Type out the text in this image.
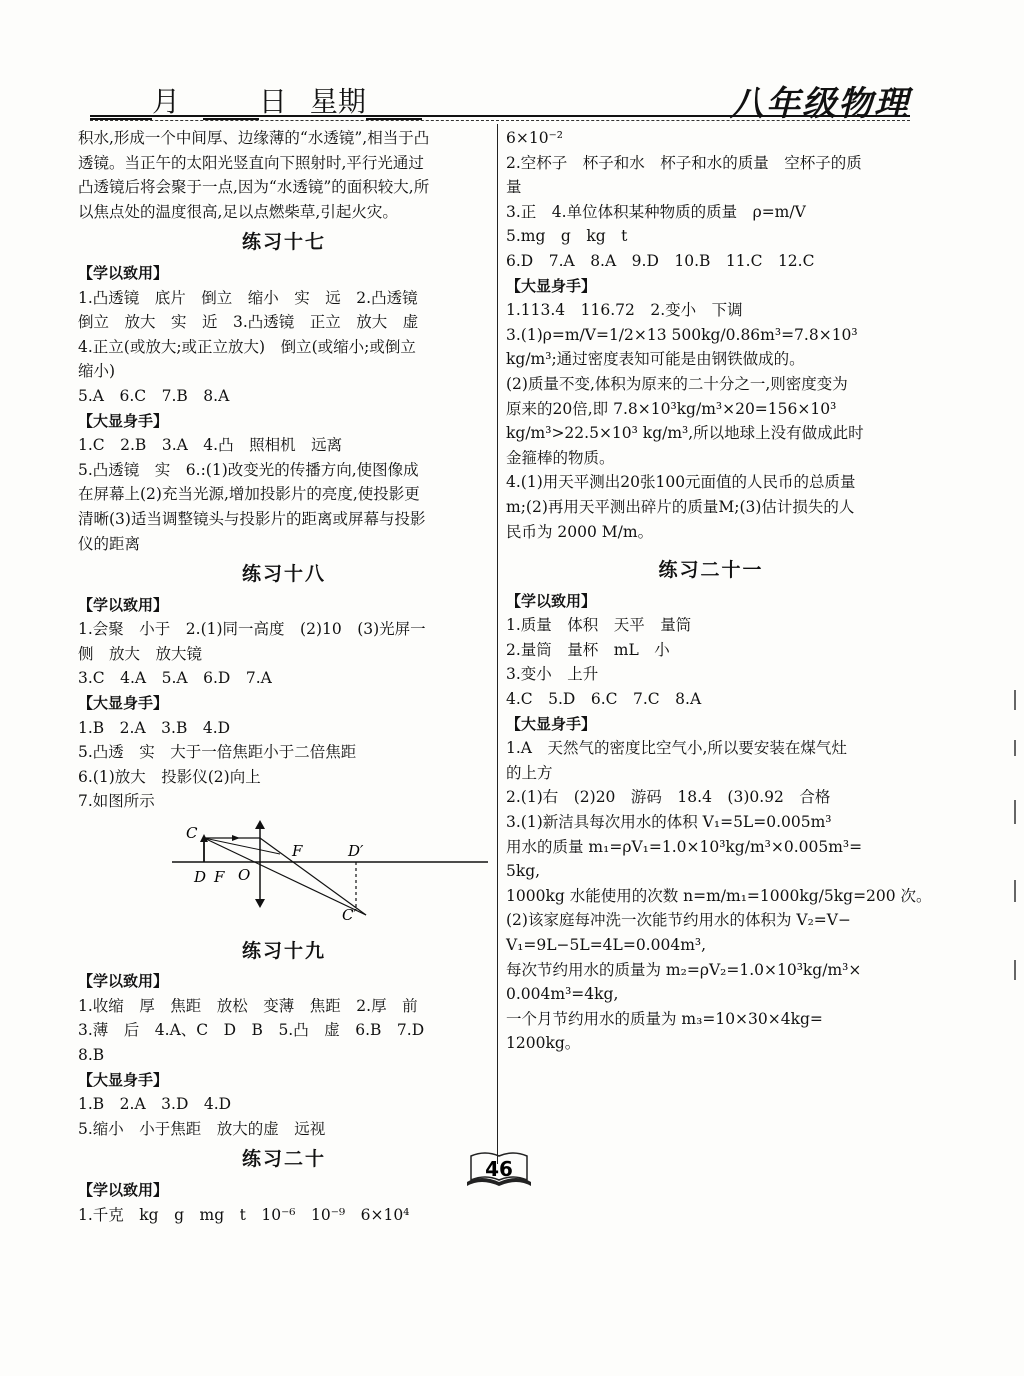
月	日 星期	八年级物理
积水,形成一个中间厚、边缘薄的“水透镜”,相当于凸
透镜。当正午的太阳光竖直向下照射时,平行光通过
凸透镜后将会聚于一点,因为“水透镜”的面积较大,所
以焦点处的温度很高,足以点燃柴草,引起火灾。
练习十七
【学以致用】
1.凸透镜　底片　倒立　缩小　实　远　2.凸透镜
倒立　放大　实　近　3.凸透镜　正立　放大　虚
4.正立(或放大;或正立放大)　倒立(或缩小;或倒立
缩小)
5.A　6.C　7.B　8.A
【大显身手】
1.C　2.B　3.A　4.凸　照相机　远离
5.凸透镜　实　6.:(1)改变光的传播方向,使图像成
在屏幕上(2)充当光源,增加投影片的亮度,使投影更
清晰(3)适当调整镜头与投影片的距离或屏幕与投影
仪的距离
练习十八
【学以致用】
1.会聚　小于　2.(1)同一高度　(2)10　(3)光屏一
侧　放大　放大镜
3.C　4.A　5.A　6.D　7.A
【大显身手】
1.B　2.A　3.B　4.D
5.凸透　实　大于一倍焦距小于二倍焦距
6.(1)放大　投影仪(2)向上
7.如图所示
C
D F O
F	D′
C′
练习十九
【学以致用】
1.收缩　厚　焦距　放松　变薄　焦距　2.厚　前
3.薄　后　4.A、C　D　B　5.凸　虚　6.B　7.D
8.B
【大显身手】
1.B　2.A　3.D　4.D
5.缩小　小于焦距　放大的虚　远视
练习二十
【学以致用】
1.千克　kg　g　mg　t　10⁻⁶　10⁻⁹　6×10⁴
6×10⁻²
2.空杯子　杯子和水　杯子和水的质量　空杯子的质
量
3.正　4.单位体积某种物质的质量　ρ=m/V
5.mg　g　kg　t
6.D　7.A　8.A　9.D　10.B　11.C　12.C
【大显身手】
1.113.4　116.72　2.变小　下调
3.(1)ρ=m/V=1/2×13 500kg/0.86m³=7.8×10³
kg/m³;通过密度表知可能是由钢铁做成的。
(2)质量不变,体积为原来的二十分之一,则密度变为
原来的20倍,即 7.8×10³kg/m³×20=156×10³
kg/m³>22.5×10³ kg/m³,所以地球上没有做成此时
金箍棒的物质。
4.(1)用天平测出20张100元面值的人民币的总质量
m;(2)再用天平测出碎片的质量M;(3)估计损失的人
民币为 2000 M/m。
练习二十一
【学以致用】
1.质量　体积　天平　量筒
2.量筒　量杯　mL　小
3.变小　上升
4.C　5.D　6.C　7.C　8.A
【大显身手】
1.A　天然气的密度比空气小,所以要安装在煤气灶
的上方
2.(1)右　(2)20　游码　18.4　(3)0.92　合格
3.(1)新洁具每次用水的体积 V₁=5L=0.005m³
用水的质量 m₁=ρV₁=1.0×10³kg/m³×0.005m³=
5kg,
1000kg 水能使用的次数 n=m/m₁=1000kg/5kg=200 次。
(2)该家庭每冲洗一次能节约用水的体积为 V₂=V−
V₁=9L−5L=4L=0.004m³,
每次节约用水的质量为 m₂=ρV₂=1.0×10³kg/m³×
0.004m³=4kg,
一个月节约用水的质量为 m₃=10×30×4kg=
1200kg。
46
